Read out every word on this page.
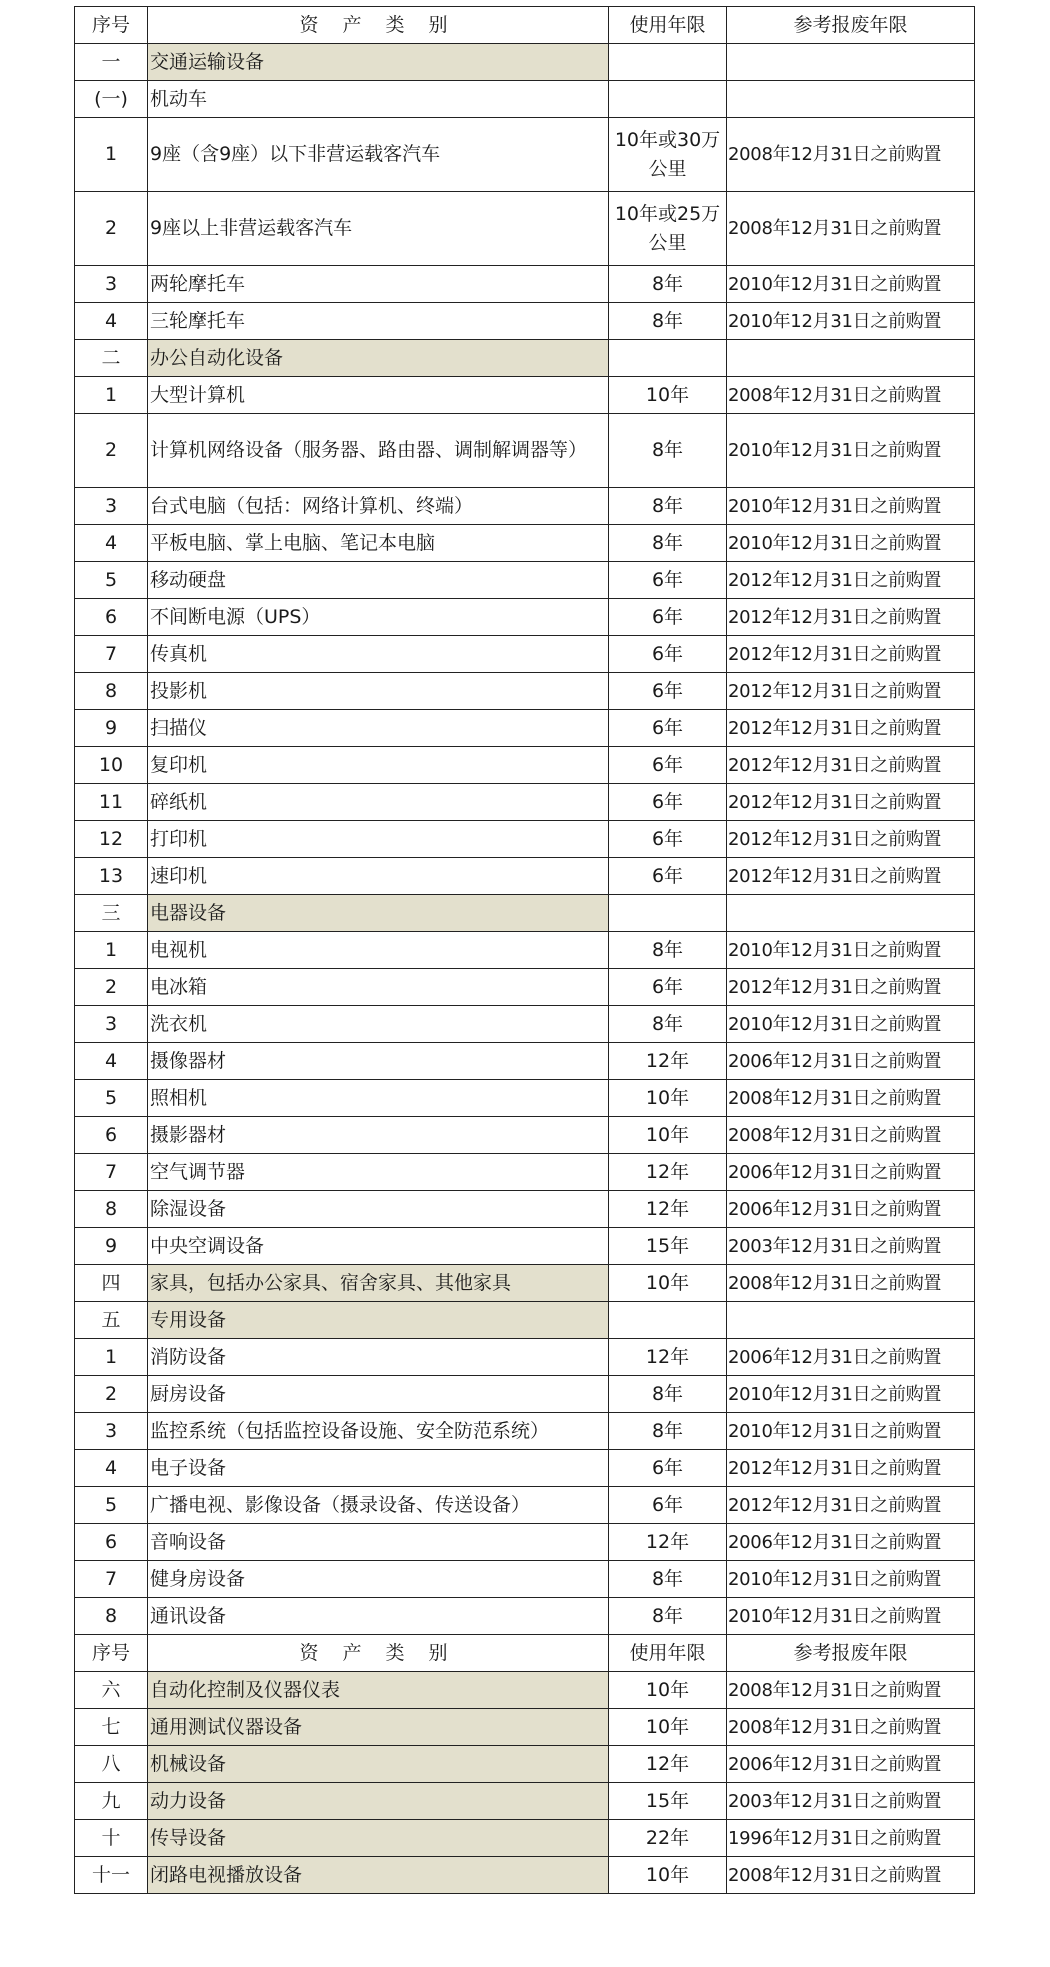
序号	资 产 类 别	使用年限	参考报废年限
一	交通运输设备		
(一)	机动车		
1	9座（含9座）以下非营运载客汽车	10年或30万公里	2008年12月31日之前购置
2	9座以上非营运载客汽车	10年或25万公里	2008年12月31日之前购置
3	两轮摩托车	8年	2010年12月31日之前购置
4	三轮摩托车	8年	2010年12月31日之前购置
二	办公自动化设备		
1	大型计算机	10年	2008年12月31日之前购置
2	计算机网络设备（服务器、路由器、调制解调器等）	8年	2010年12月31日之前购置
3	台式电脑（包括：网络计算机、终端）	8年	2010年12月31日之前购置
4	平板电脑、掌上电脑、笔记本电脑	8年	2010年12月31日之前购置
5	移动硬盘	6年	2012年12月31日之前购置
6	不间断电源（UPS）	6年	2012年12月31日之前购置
7	传真机	6年	2012年12月31日之前购置
8	投影机	6年	2012年12月31日之前购置
9	扫描仪	6年	2012年12月31日之前购置
10	复印机	6年	2012年12月31日之前购置
11	碎纸机	6年	2012年12月31日之前购置
12	打印机	6年	2012年12月31日之前购置
13	速印机	6年	2012年12月31日之前购置
三	电器设备		
1	电视机	8年	2010年12月31日之前购置
2	电冰箱	6年	2012年12月31日之前购置
3	洗衣机	8年	2010年12月31日之前购置
4	摄像器材	12年	2006年12月31日之前购置
5	照相机	10年	2008年12月31日之前购置
6	摄影器材	10年	2008年12月31日之前购置
7	空气调节器	12年	2006年12月31日之前购置
8	除湿设备	12年	2006年12月31日之前购置
9	中央空调设备	15年	2003年12月31日之前购置
四	家具，包括办公家具、宿舍家具、其他家具	10年	2008年12月31日之前购置
五	专用设备		
1	消防设备	12年	2006年12月31日之前购置
2	厨房设备	8年	2010年12月31日之前购置
3	监控系统（包括监控设备设施、安全防范系统）	8年	2010年12月31日之前购置
4	电子设备	6年	2012年12月31日之前购置
5	广播电视、影像设备（摄录设备、传送设备）	6年	2012年12月31日之前购置
6	音响设备	12年	2006年12月31日之前购置
7	健身房设备	8年	2010年12月31日之前购置
8	通讯设备	8年	2010年12月31日之前购置
序号	资 产 类 别	使用年限	参考报废年限
六	自动化控制及仪器仪表	10年	2008年12月31日之前购置
七	通用测试仪器设备	10年	2008年12月31日之前购置
八	机械设备	12年	2006年12月31日之前购置
九	动力设备	15年	2003年12月31日之前购置
十	传导设备	22年	1996年12月31日之前购置
十一	闭路电视播放设备	10年	2008年12月31日之前购置
